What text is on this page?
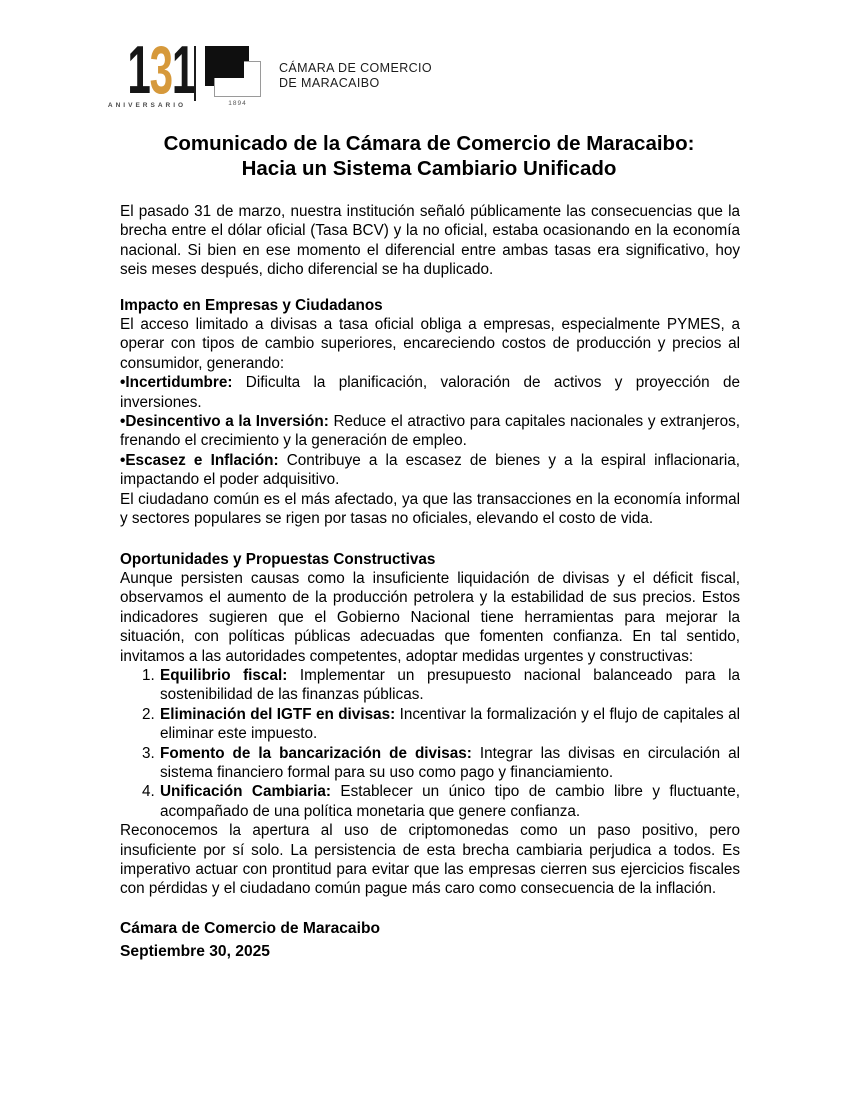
131
ANIVERSARIO	1894
CÁMARA DE COMERCIO
DE MARACAIBO
Comunicado de la Cámara de Comercio de Maracaibo:
Hacia un Sistema Cambiario Unificado

El pasado 31 de marzo, nuestra institución señaló públicamente las consecuencias que la brecha entre el dólar oficial (Tasa BCV) y la no oficial, estaba ocasionando en la economía nacional. Si bien en ese momento el diferencial entre ambas tasas era significativo, hoy seis meses después, dicho diferencial se ha duplicado.

Impacto en Empresas y Ciudadanos

El acceso limitado a divisas a tasa oficial obliga a empresas, especialmente PYMES, a operar con tipos de cambio superiores, encareciendo costos de producción y precios al consumidor, generando:

•Incertidumbre: Dificulta la planificación, valoración de activos y proyección de inversiones.

•Desincentivo a la Inversión: Reduce el atractivo para capitales nacionales y extranjeros, frenando el crecimiento y la generación de empleo.

•Escasez e Inflación: Contribuye a la escasez de bienes y a la espiral inflacionaria, impactando el poder adquisitivo.

El ciudadano común es el más afectado, ya que las transacciones en la economía informal y sectores populares se rigen por tasas no oficiales, elevando el costo de vida.

Oportunidades y Propuestas Constructivas

Aunque persisten causas como la insuficiente liquidación de divisas y el déficit fiscal, observamos el aumento de la producción petrolera y la estabilidad de sus precios. Estos indicadores sugieren que el Gobierno Nacional tiene herramientas para mejorar la situación, con políticas públicas adecuadas que fomenten confianza. En tal sentido, invitamos a las autoridades competentes, adoptar medidas urgentes y constructivas:

1. Equilibrio fiscal: Implementar un presupuesto nacional balanceado para la sostenibilidad de las finanzas públicas.
2. Eliminación del IGTF en divisas: Incentivar la formalización y el flujo de capitales al eliminar este impuesto.
3. Fomento de la bancarización de divisas: Integrar las divisas en circulación al sistema financiero formal para su uso como pago y financiamiento.
4. Unificación Cambiaria: Establecer un único tipo de cambio libre y fluctuante, acompañado de una política monetaria que genere confianza.

Reconocemos la apertura al uso de criptomonedas como un paso positivo, pero insuficiente por sí solo. La persistencia de esta brecha cambiaria perjudica a todos. Es imperativo actuar con prontitud para evitar que las empresas cierren sus ejercicios fiscales con pérdidas y el ciudadano común pague más caro como consecuencia de la inflación.

Cámara de Comercio de Maracaibo
Septiembre 30, 2025
